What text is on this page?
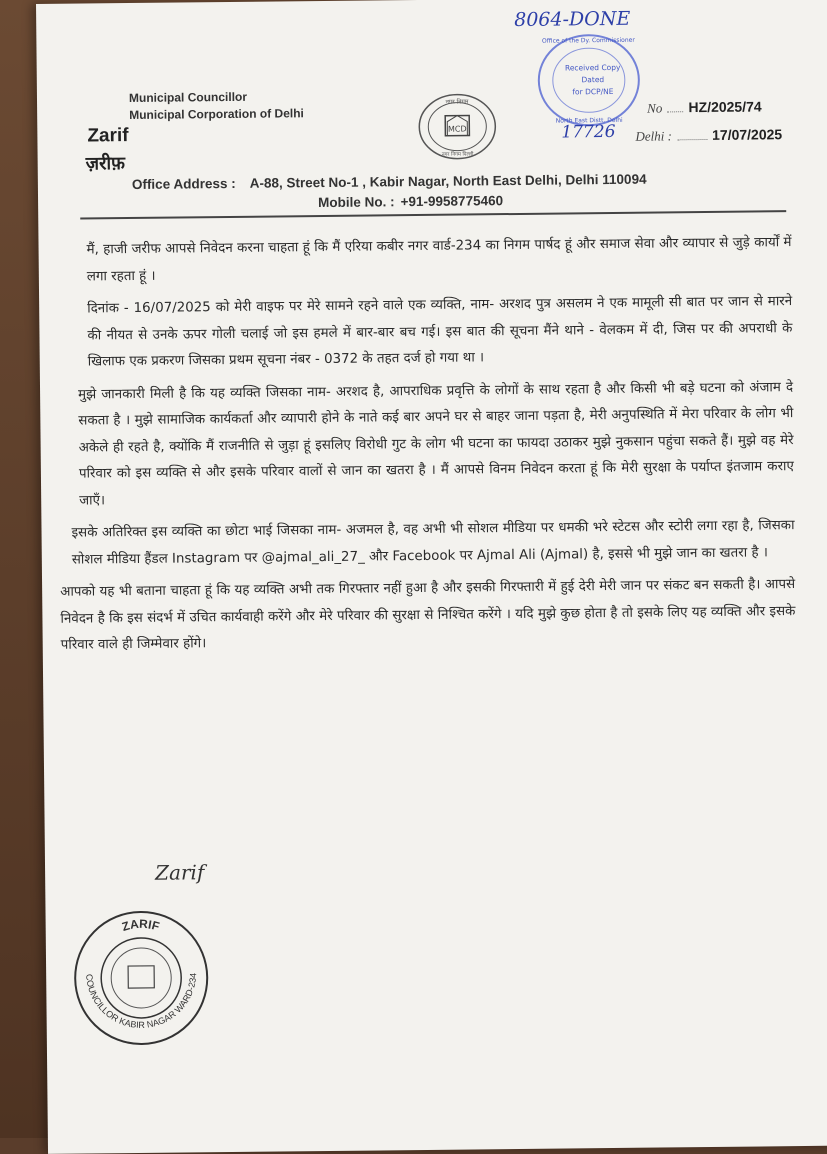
Municipal Councillor
Municipal Corporation of Delhi
Zarif
ज़रीफ़
MCD
नगर निगम
नगर निगम दिल्ली
Office of the Dy. Commissioner
Received Copy
Dated
for DCP/NE
North East Distt. Delhi
8064-DONE
17726
No HZ/2025/74
Delhi :	17/07/2025
Office Address : A-88, Street No-1 , Kabir Nagar, North East Delhi, Delhi 110094
Mobile No. : +91-9958775460

मैं, हाजी जरीफ आपसे निवेदन करना चाहता हूं कि मैं एरिया कबीर नगर वार्ड-234 का निगम पार्षद हूं और समाज सेवा और व्यापार से जुड़े कार्यों में लगा रहता हूं ।

दिनांक - 16/07/2025 को मेरी वाइफ पर मेरे सामने रहने वाले एक व्यक्ति, नाम- अरशद पुत्र असलम ने एक मामूली सी बात पर जान से मारने की नीयत से उनके ऊपर गोली चलाई जो इस हमले में बार-बार बच गई। इस बात की सूचना मैंने थाने - वेलकम में दी, जिस पर की अपराधी के खिलाफ एक प्रकरण जिसका प्रथम सूचना नंबर - 0372 के तहत दर्ज हो गया था ।

मुझे जानकारी मिली है कि यह व्यक्ति जिसका नाम- अरशद है, आपराधिक प्रवृत्ति के लोगों के साथ रहता है और किसी भी बड़े घटना को अंजाम दे सकता है । मुझे सामाजिक कार्यकर्ता और व्यापारी होने के नाते कई बार अपने घर से बाहर जाना पड़ता है, मेरी अनुपस्थिति में मेरा परिवार के लोग भी अकेले ही रहते है, क्योंकि मैं राजनीति से जुड़ा हूं इसलिए विरोधी गुट के लोग भी घटना का फायदा उठाकर मुझे नुकसान पहुंचा सकते हैं। मुझे वह मेरे परिवार को इस व्यक्ति से और इसके परिवार वालों से जान का खतरा है । मैं आपसे विनम निवेदन करता हूं कि मेरी सुरक्षा के पर्याप्त इंतजाम कराए जाएँ।

इसके अतिरिक्त इस व्यक्ति का छोटा भाई जिसका नाम- अजमल है, वह अभी भी सोशल मीडिया पर धमकी भरे स्टेटस और स्टोरी लगा रहा है, जिसका सोशल मीडिया हैंडल Instagram पर @ajmal_ali_27_ और Facebook पर Ajmal Ali (Ajmal) है, इससे भी मुझे जान का खतरा है ।

आपको यह भी बताना चाहता हूं कि यह व्यक्ति अभी तक गिरफ्तार नहीं हुआ है और इसकी गिरफ्तारी में हुई देरी मेरी जान पर संकट बन सकती है। आपसे निवेदन है कि इस संदर्भ में उचित कार्यवाही करेंगे और मेरे परिवार की सुरक्षा से निश्चित करेंगे । यदि मुझे कुछ होता है तो इसके लिए यह व्यक्ति और इसके परिवार वाले ही जिम्मेवार होंगे।

Zarif
ZARIF
COUNCILLOR KABIR NAGAR WARD-234
